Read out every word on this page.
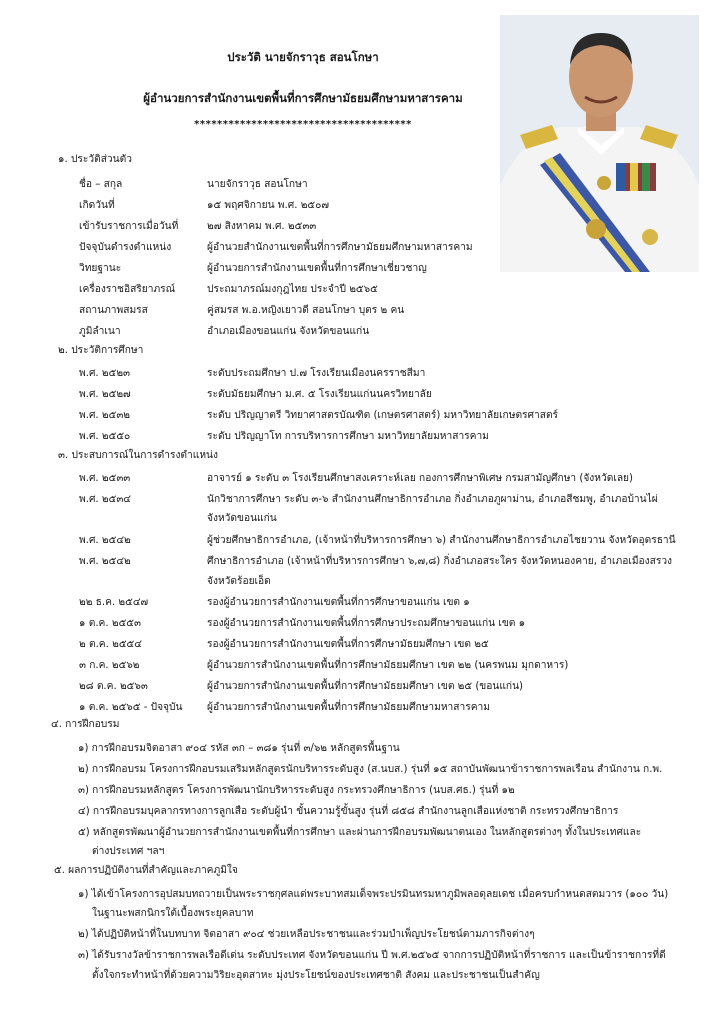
ประวัติ นายจักราวุธ สอนโกษา
ผู้อำนวยการสำนักงานเขตพื้นที่การศึกษามัธยมศึกษามหาสารคาม
**************************************
๑. ประวัติส่วนตัว
ชื่อ – สกุล	นายจักราวุธ สอนโกษา
เกิดวันที่	๑๕ พฤศจิกายน พ.ศ. ๒๕๐๗
เข้ารับราชการเมื่อวันที่	๒๗ สิงหาคม พ.ศ. ๒๕๓๓
ปัจจุบันดำรงตำแหน่ง	ผู้อำนวยสำนักงานเขตพื้นที่การศึกษามัธยมศึกษามหาสารคาม
วิทยฐานะ	ผู้อำนวยการสำนักงานเขตพื้นที่การศึกษาเชี่ยวชาญ
เครื่องราชอิสริยาภรณ์	ประถมาภรณ์มงกุฎไทย ประจำปี ๒๕๖๕
สถานภาพสมรส	คู่สมรส พ.อ.หญิงเยาวดี สอนโกษา บุตร ๒ คน
ภูมิลำเนา	อำเภอเมืองขอนแก่น จังหวัดขอนแก่น
๒. ประวัติการศึกษา
พ.ศ. ๒๕๒๓	ระดับประถมศึกษา ป.๗ โรงเรียนเมืองนครราชสีมา
พ.ศ. ๒๕๒๗	ระดับมัธยมศึกษา ม.ศ. ๕ โรงเรียนแก่นนครวิทยาลัย
พ.ศ. ๒๕๓๒	ระดับ ปริญญาตรี วิทยาศาสตรบัณฑิต (เกษตรศาสตร์) มหาวิทยาลัยเกษตรศาสตร์
พ.ศ. ๒๕๕๐	ระดับ ปริญญาโท การบริหารการศึกษา มหาวิทยาลัยมหาสารคาม
๓. ประสบการณ์ในการดำรงตำแหน่ง
พ.ศ. ๒๕๓๓	อาจารย์ ๑ ระดับ ๓ โรงเรียนศึกษาสงเคราะห์เลย กองการศึกษาพิเศษ กรมสามัญศึกษา (จังหวัดเลย)
พ.ศ. ๒๕๓๔	นักวิชาการศึกษา ระดับ ๓-๖ สำนักงานศึกษาธิการอำเภอ กิ่งอำเภอภูผาม่าน, อำเภอสีชมพู, อำเภอบ้านไผ่
จังหวัดขอนแก่น
พ.ศ. ๒๕๔๒	ผู้ช่วยศึกษาธิการอำเภอ, (เจ้าหน้าที่บริหารการศึกษา ๖) สำนักงานศึกษาธิการอำเภอไชยวาน จังหวัดอุดรธานี
พ.ศ. ๒๕๔๒	ศึกษาธิการอำเภอ (เจ้าหน้าที่บริหารการศึกษา ๖,๗,๘) กิ่งอำเภอสระใคร จังหวัดหนองคาย, อำเภอเมืองสรวง
จังหวัดร้อยเอ็ด
๒๒ ธ.ค. ๒๕๔๗	รองผู้อำนวยการสำนักงานเขตพื้นที่การศึกษาขอนแก่น เขต ๑
๑ ต.ค. ๒๕๕๓	รองผู้อำนวยการสำนักงานเขตพื้นที่การศึกษาประถมศึกษาขอนแก่น เขต ๑
๒ ต.ค. ๒๕๕๔	รองผู้อำนวยการสำนักงานเขตพื้นที่การศึกษามัธยมศึกษา เขต ๒๕
๓ ก.ค. ๒๕๖๒	ผู้อำนวยการสำนักงานเขตพื้นที่การศึกษามัธยมศึกษา เขต ๒๒ (นครพนม มุกดาหาร)
๒๘ ต.ค. ๒๕๖๓	ผู้อำนวยการสำนักงานเขตพื้นที่การศึกษามัธยมศึกษา เขต ๒๕ (ขอนแก่น)
๑ ต.ค. ๒๕๖๕ - ปัจจุบัน ผู้อำนวยการสำนักงานเขตพื้นที่การศึกษามัธยมศึกษามหาสารคาม
๔. การฝึกอบรม
๑) การฝึกอบรมจิตอาสา ๙๐๔ รหัส ๓ก – ๓๘๑ รุ่นที่ ๓/๖๒ หลักสูตรพื้นฐาน
๒) การฝึกอบรม โครงการฝึกอบรมเสริมหลักสูตรนักบริหารระดับสูง (ส.นบส.) รุ่นที่ ๑๕ สถาบันพัฒนาข้าราชการพลเรือน สำนักงาน ก.พ.
๓) การฝึกอบรมหลักสูตร โครงการพัฒนานักบริหารระดับสูง กระทรวงศึกษาธิการ (นบส.ศธ.) รุ่นที่ ๑๒
๔) การฝึกอบรมบุคลากรทางการลูกเสือ ระดับผู้นำ ขั้นความรู้ขั้นสูง รุ่นที่ ๘๕๘ สำนักงานลูกเสือแห่งชาติ กระทรวงศึกษาธิการ
๕) หลักสูตรพัฒนาผู้อำนวยการสำนักงานเขตพื้นที่การศึกษา และผ่านการฝึกอบรมพัฒนาตนเอง ในหลักสูตรต่างๆ ทั้งในประเทศและ
ต่างประเทศ ฯลฯ
๕. ผลการปฏิบัติงานที่สำคัญและภาคภูมิใจ
๑) ได้เข้าโครงการอุปสมบทถวายเป็นพระราชกุศลแด่พระบาทสมเด็จพระปรมินทรมหาภูมิพลอดุลยเดช เมื่อครบกำหนดสตมวาร (๑๐๐ วัน)
ในฐานะพสกนิกรใต้เบื้องพระยุคลบาท
๒) ได้ปฏิบัติหน้าที่ในบทบาท จิตอาสา ๙๐๔ ช่วยเหลือประชาชนและร่วมบำเพ็ญประโยชน์ตามภารกิจต่างๆ
๓) ได้รับรางวัลข้าราชการพลเรือดีเด่น ระดับประเทศ จังหวัดขอนแก่น ปี พ.ศ.๒๕๖๕ จากการปฏิบัติหน้าที่ราชการ และเป็นข้าราชการที่ดี
ตั้งใจกระทำหน้าที่ด้วยความวิริยะอุตสาหะ มุ่งประโยชน์ของประเทศชาติ สังคม และประชาชนเป็นสำคัญ
